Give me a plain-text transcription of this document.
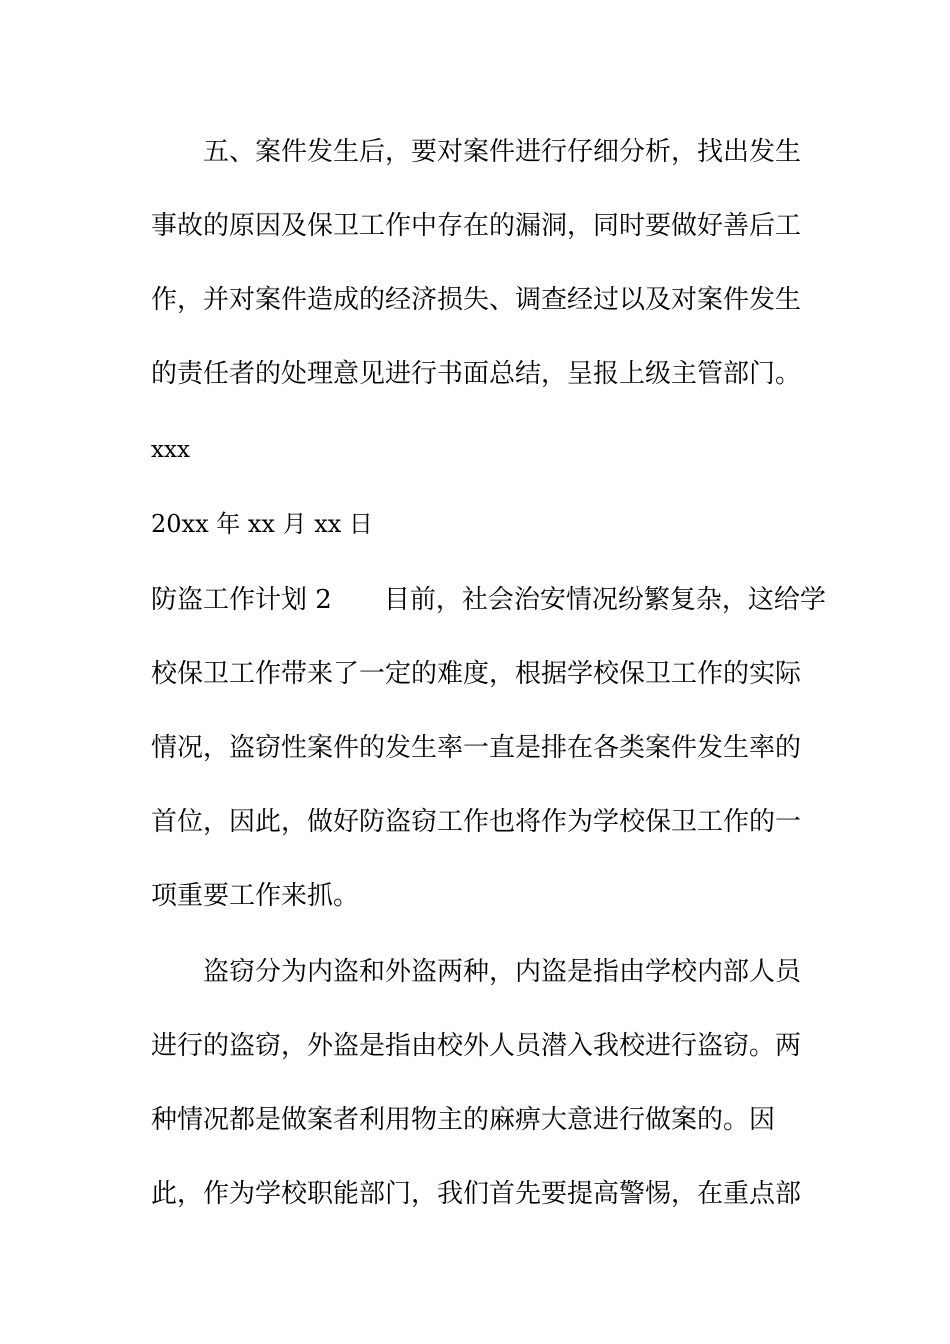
五、案件发生后，要对案件进行仔细分析，找出发生
事故的原因及保卫工作中存在的漏洞，同时要做好善后工
作，并对案件造成的经济损失、调查经过以及对案件发生
的责任者的处理意见进行书面总结，呈报上级主管部门。
xxx
20xx 年 xx 月 xx 日
防盗工作计划 2 目前，社会治安情况纷繁复杂，这给学
校保卫工作带来了一定的难度，根据学校保卫工作的实际
情况，盗窃性案件的发生率一直是排在各类案件发生率的
首位，因此，做好防盗窃工作也将作为学校保卫工作的一
项重要工作来抓。
盗窃分为内盗和外盗两种，内盗是指由学校内部人员
进行的盗窃，外盗是指由校外人员潜入我校进行盗窃。两
种情况都是做案者利用物主的麻痹大意进行做案的。因
此，作为学校职能部门，我们首先要提高警惕，在重点部
